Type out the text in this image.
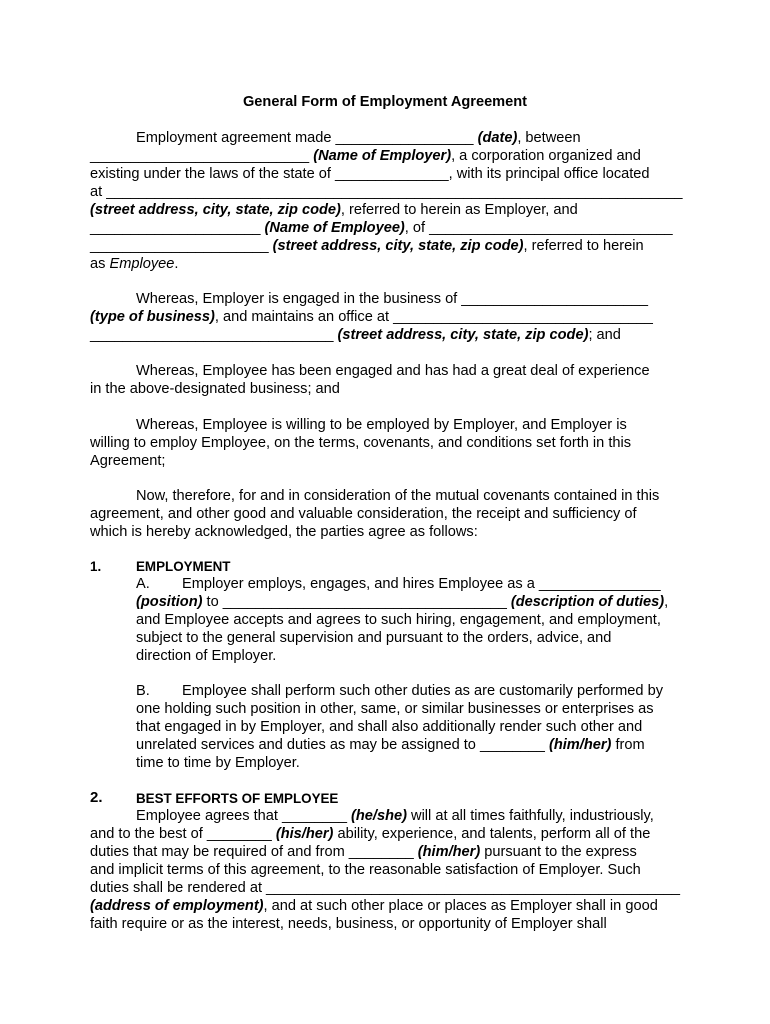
General Form of Employment Agreement
Employment agreement made _________________ (date), between
___________________________ (Name of Employer), a corporation organized and
existing under the laws of the state of ______________, with its principal office located
at _______________________________________________________________________
(street address, city, state, zip code), referred to herein as Employer, and
_____________________ (Name of Employee), of ______________________________
______________________ (street address, city, state, zip code), referred to herein
as Employee.
Whereas, Employer is engaged in the business of _______________________
(type of business), and maintains an office at ________________________________
______________________________ (street address, city, state, zip code); and
Whereas, Employee has been engaged and has had a great deal of experience
in the above-designated business; and
Whereas, Employee is willing to be employed by Employer, and Employer is
willing to employ Employee, on the terms, covenants, and conditions set forth in this
Agreement;
Now, therefore, for and in consideration of the mutual covenants contained in this
agreement, and other good and valuable consideration, the receipt and sufficiency of
which is hereby acknowledged, the parties agree as follows:
1.	EMPLOYMENT
A. Employer employs, engages, and hires Employee as a _______________
(position) to ___________________________________ (description of duties),
and Employee accepts and agrees to such hiring, engagement, and employment,
subject to the general supervision and pursuant to the orders, advice, and
direction of Employer.
B. Employee shall perform such other duties as are customarily performed by
one holding such position in other, same, or similar businesses or enterprises as
that engaged in by Employer, and shall also additionally render such other and
unrelated services and duties as may be assigned to ________ (him/her) from
time to time by Employer.
2. BEST EFFORTS OF EMPLOYEE
Employee agrees that ________ (he/she) will at all times faithfully, industriously,
and to the best of ________ (his/her) ability, experience, and talents, perform all of the
duties that may be required of and from ________ (him/her) pursuant to the express
and implicit terms of this agreement, to the reasonable satisfaction of Employer. Such
duties shall be rendered at ___________________________________________________
(address of employment), and at such other place or places as Employer shall in good
faith require or as the interest, needs, business, or opportunity of Employer shall
